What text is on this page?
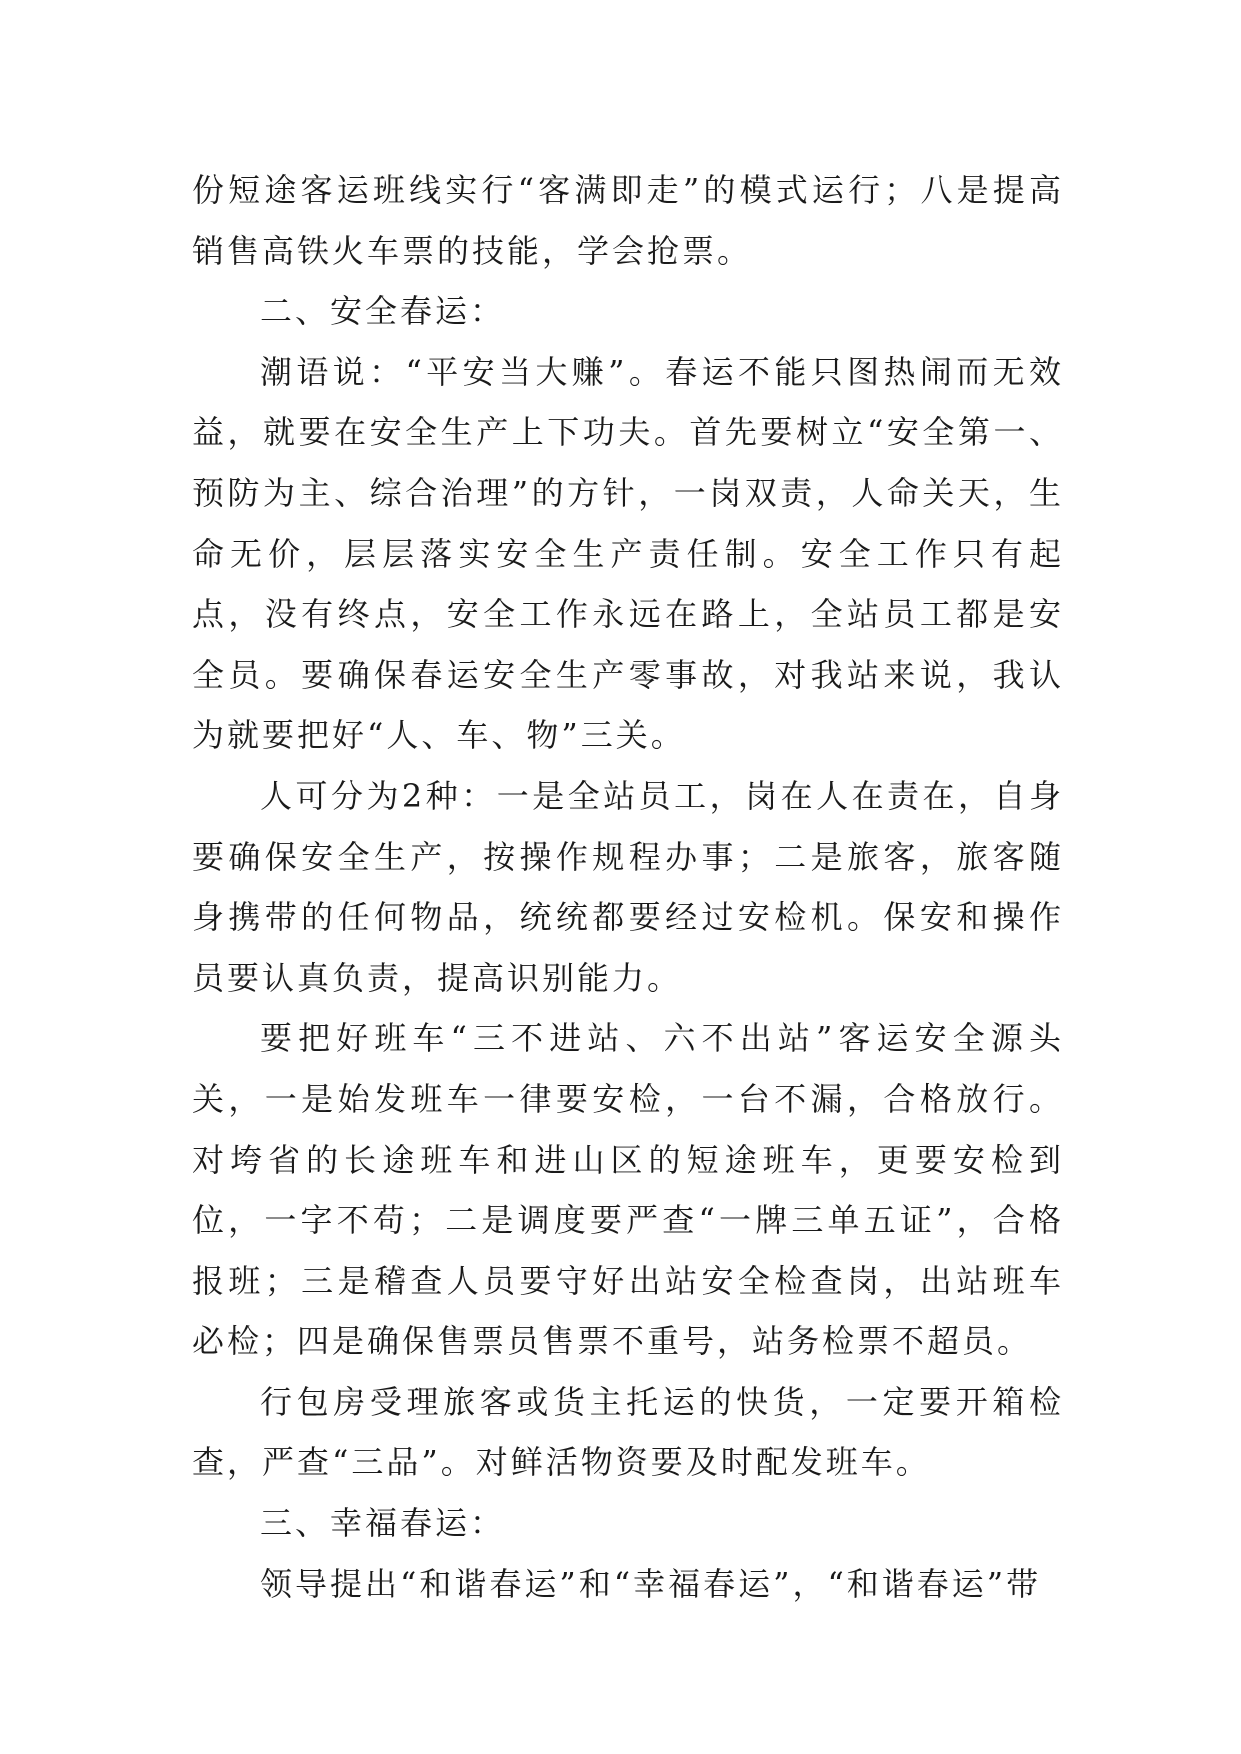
份短途客运班线实行“客满即走”的模式运行；八是提高销售高铁火车票的技能，学会抢票。

二、安全春运：

潮语说：“平安当大赚”。春运不能只图热闹而无效益，就要在安全生产上下功夫。首先要树立“安全第一、预防为主、综合治理”的方针，一岗双责，人命关天，生命无价，层层落实安全生产责任制。安全工作只有起点，没有终点，安全工作永远在路上，全站员工都是安全员。要确保春运安全生产零事故，对我站来说，我认为就要把好“人、车、物”三关。

人可分为2种：一是全站员工，岗在人在责在，自身要确保安全生产，按操作规程办事；二是旅客，旅客随身携带的任何物品，统统都要经过安检机。保安和操作员要认真负责，提高识别能力。

要把好班车“三不进站、六不出站”客运安全源头关，一是始发班车一律要安检，一台不漏，合格放行。对垮省的长途班车和进山区的短途班车，更要安检到位，一字不苟；二是调度要严查“一牌三单五证”，合格报班；三是稽查人员要守好出站安全检查岗，出站班车必检；四是确保售票员售票不重号，站务检票不超员。

行包房受理旅客或货主托运的快货，一定要开箱检查，严查“三品”。对鲜活物资要及时配发班车。

三、幸福春运：

领导提出“和谐春运”和“幸福春运”，“和谐春运”带
